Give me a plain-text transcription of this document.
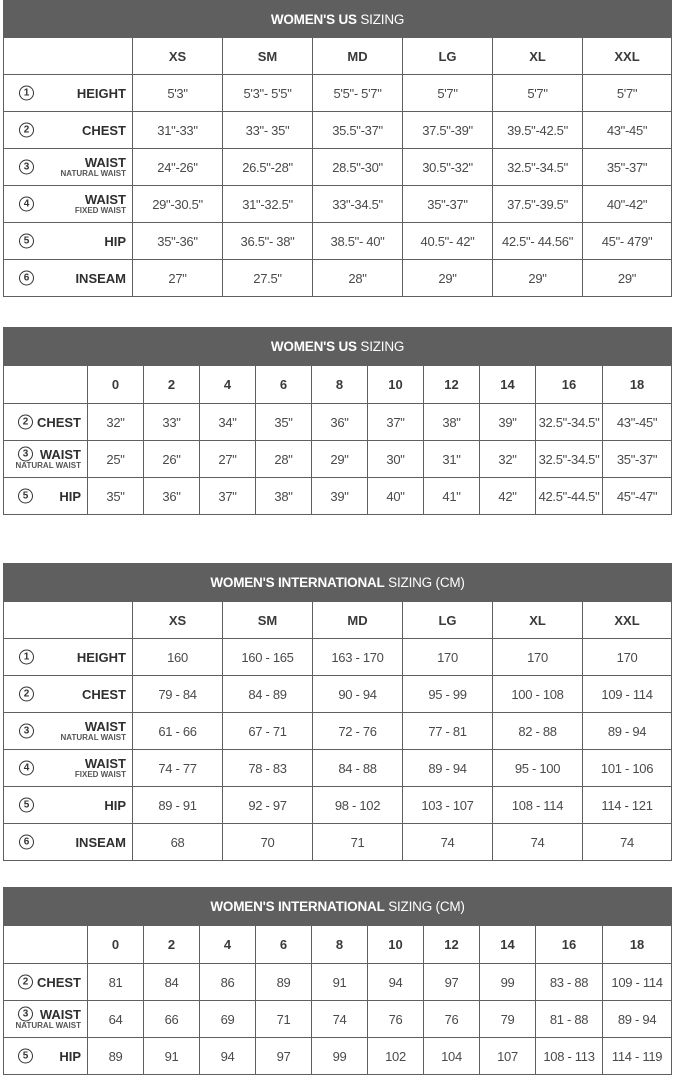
WOMEN'S US SIZING						
	XS	SM	MD	LG	XL	XXL

1 HEIGHT	5'3"	5'3"- 5'5"	5'5"- 5'7"	5'7"	5'7"	5'7"

2 CHEST	31"-33"	33"- 35"	35.5"-37"	37.5"-39"	39.5"-42.5"	43"-45"

3 WAIST
NATURAL WAIST	24"-26"	26.5"-28"	28.5"-30"	30.5"-32"	32.5"-34.5"	35"-37"

4 WAIST
FIXED WAIST	29"-30.5"	31"-32.5"	33"-34.5"	35"-37"	37.5"-39.5"	40"-42"

5 HIP	35"-36"	36.5"- 38"	38.5"- 40"	40.5"- 42"	42.5"- 44.56"	45"- 479"

6 INSEAM	27"	27.5"	28"	29"	29"	29"
WOMEN'S US SIZING										
	0	2	4	6	8	10	12	14	16	18

2 CHEST	32"	33"	34"	35"	36"	37"	38"	39"	32.5"-34.5"	43"-45"

3 WAIST
NATURAL WAIST	25"	26"	27"	28"	29"	30"	31"	32"	32.5"-34.5"	35"-37"

5 HIP	35"	36"	37"	38"	39"	40"	41"	42"	42.5"-44.5"	45"-47"
WOMEN'S INTERNATIONAL SIZING (CM)						
	XS	SM	MD	LG	XL	XXL

1 HEIGHT	160	160 - 165	163 - 170	170	170	170

2 CHEST	79 - 84	84 - 89	90 - 94	95 - 99	100 - 108	109 - 114

3 WAIST
NATURAL WAIST	61 - 66	67 - 71	72 - 76	77 - 81	82 - 88	89 - 94

4 WAIST
FIXED WAIST	74 - 77	78 - 83	84 - 88	89 - 94	95 - 100	101 - 106

5 HIP	89 - 91	92 - 97	98 - 102	103 - 107	108 - 114	114 - 121

6 INSEAM	68	70	71	74	74	74
WOMEN'S INTERNATIONAL SIZING (CM)										
	0	2	4	6	8	10	12	14	16	18

2 CHEST	81	84	86	89	91	94	97	99	83 - 88	109 - 114

3 WAIST
NATURAL WAIST	64	66	69	71	74	76	76	79	81 - 88	89 - 94

5 HIP	89	91	94	97	99	102	104	107	108 - 113	114 - 119
